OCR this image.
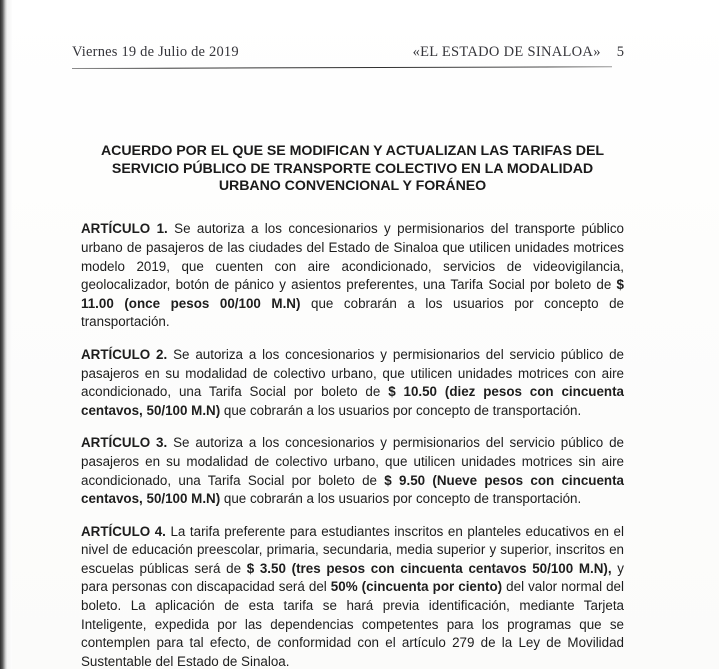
Viernes 19 de Julio de 2019	«EL ESTADO DE SINALOA» 5
ACUERDO POR EL QUE SE MODIFICAN Y ACTUALIZAN LAS TARIFAS DEL
SERVICIO PÚBLICO DE TRANSPORTE COLECTIVO EN LA MODALIDAD
URBANO CONVENCIONAL Y FORÁNEO

ARTÍCULO 1. Se autoriza a los concesionarios y permisionarios del transporte público urbano de pasajeros de las ciudades del Estado de Sinaloa que utilicen unidades motrices modelo 2019, que cuenten con aire acondicionado, servicios de videovigilancia, geolocalizador, botón de pánico y asientos preferentes, una Tarifa Social por boleto de $ 11.00 (once pesos 00/100 M.N) que cobrarán a los usuarios por concepto de transportación.

ARTÍCULO 2. Se autoriza a los concesionarios y permisionarios del servicio público de pasajeros en su modalidad de colectivo urbano, que utilicen unidades motrices con aire acondicionado, una Tarifa Social por boleto de $ 10.50 (diez pesos con cincuenta centavos, 50/100 M.N) que cobrarán a los usuarios por concepto de transportación.

ARTÍCULO 3. Se autoriza a los concesionarios y permisionarios del servicio público de pasajeros en su modalidad de colectivo urbano, que utilicen unidades motrices sin aire acondicionado, una Tarifa Social por boleto de $ 9.50 (Nueve pesos con cincuenta centavos, 50/100 M.N) que cobrarán a los usuarios por concepto de transportación.

ARTÍCULO 4. La tarifa preferente para estudiantes inscritos en planteles educativos en el nivel de educación preescolar, primaria, secundaria, media superior y superior, inscritos en escuelas públicas será de $ 3.50 (tres pesos con cincuenta centavos 50/100 M.N), y para personas con discapacidad será del 50% (cincuenta por ciento) del valor normal del boleto. La aplicación de esta tarifa se hará previa identificación, mediante Tarjeta Inteligente, expedida por las dependencias competentes para los programas que se contemplen para tal efecto, de conformidad con el artículo 279 de la Ley de Movilidad Sustentable del Estado de Sinaloa.
